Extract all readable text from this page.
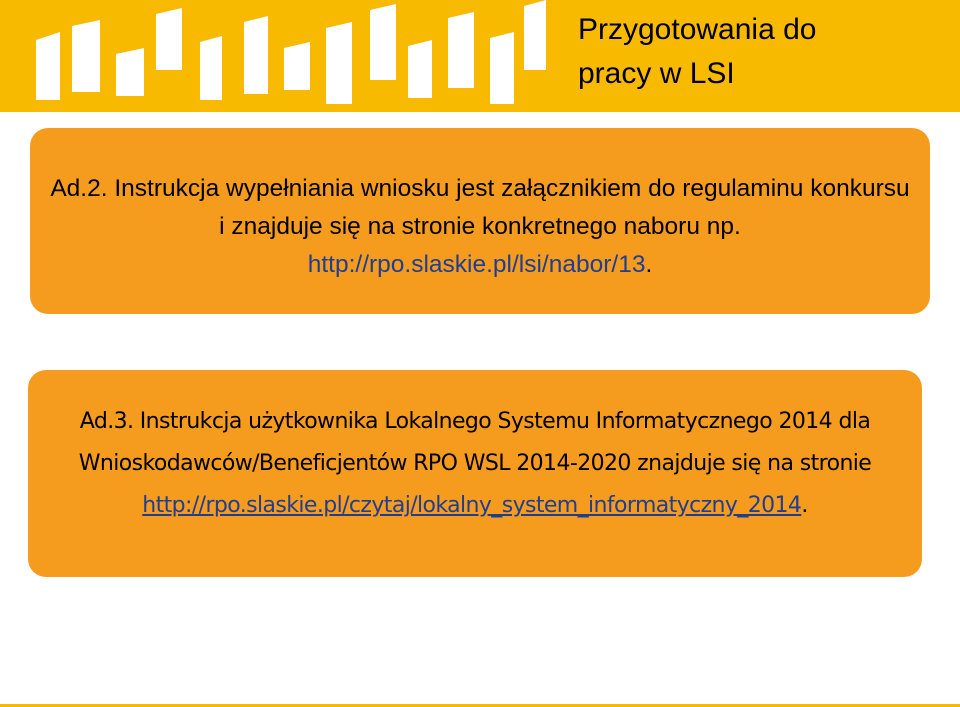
Przygotowania do
pracy w LSI
Ad.2. Instrukcja wypełniania wniosku jest załącznikiem do regulaminu konkursu i znajduje się na stronie konkretnego naboru np. http://rpo.slaskie.pl/lsi/nabor/13.
Ad.3. Instrukcja użytkownika Lokalnego Systemu Informatycznego 2014 dla Wnioskodawców/Beneficjentów RPO WSL 2014-2020 znajduje się na stronie http://rpo.slaskie.pl/czytaj/lokalny_system_informatyczny_2014.
